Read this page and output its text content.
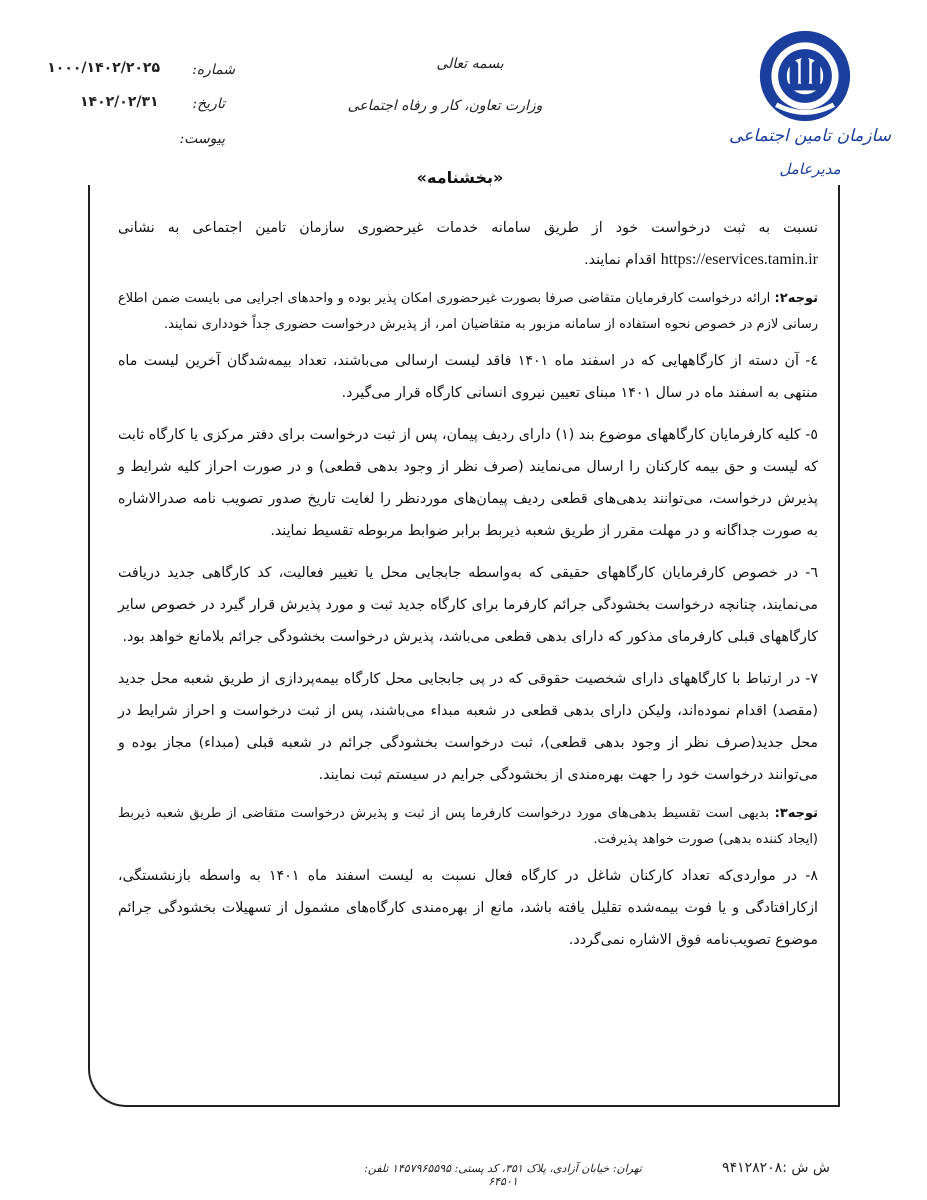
سازمان تامین اجتماعی
مدیرعامل
بسمه تعالی
وزارت تعاون، کار و رفاه اجتماعی
«بخشنامه»
شماره:
۱۰۰۰/۱۴۰۲/۲۰۲۵
تاریخ:
۱۴۰۲/۰۲/۳۱
پیوست:

نسبت به ثبت درخواست خود از طریق سامانه خدمات غیرحضوری سازمان تامین اجتماعی به نشانی https://eservices.tamin.ir اقدام نمایند.

توجه۲: ارائه درخواست کارفرمایان متقاضی صرفا بصورت غیرحضوری امکان پذیر بوده و واحدهای اجرایی می بایست ضمن اطلاع رسانی لازم در خصوص نحوه استفاده از سامانه مزبور به متقاضیان امر، از پذیرش درخواست حضوری جداً خودداری نمایند.

٤- آن دسته از کارگاههایی که در اسفند ماه ۱۴۰۱ فاقد لیست ارسالی می‌باشند، تعداد بیمه‌شدگان آخرین لیست ماه منتهی به اسفند ماه در سال ۱۴۰۱ مبنای تعیین نیروی انسانی کارگاه قرار می‌گیرد.

٥- کلیه کارفرمایان کارگاههای موضوع بند (۱) دارای ردیف پیمان، پس از ثبت درخواست برای دفتر مرکزی یا کارگاه ثابت که لیست و حق بیمه کارکنان را ارسال می‌نمایند (صرف نظر از وجود بدهی قطعی) و در صورت احراز کلیه شرایط و پذیرش درخواست، می‌توانند بدهی‌های قطعی ردیف پیمان‌های موردنظر را لغایت تاریخ صدور تصویب نامه صدرالاشاره به صورت جداگانه و در مهلت مقرر از طریق شعبه ذیربط برابر ضوابط مربوطه تقسیط نمایند.

٦- در خصوص کارفرمایان کارگاههای حقیقی که به‌واسطه جابجایی محل یا تغییر فعالیت، کد کارگاهی جدید دریافت می‌نمایند، چنانچه درخواست بخشودگی جرائم کارفرما برای کارگاه جدید ثبت و مورد پذیرش قرار گیرد در خصوص سایر کارگاههای قبلی کارفرمای مذکور که دارای بدهی قطعی می‌باشد، پذیرش درخواست بخشودگی جرائم بلامانع خواهد بود.

٧- در ارتباط با کارگاههای دارای شخصیت حقوقی که در پی جابجایی محل کارگاه بیمه‌پردازی از طریق شعبه محل جدید (مقصد) اقدام نموده‌اند، ولیکن دارای بدهی قطعی در شعبه مبداء می‌باشند، پس از ثبت درخواست و احراز شرایط در محل جدید(صرف نظر از وجود بدهی قطعی)، ثبت درخواست بخشودگی جرائم در شعبه قبلی (مبداء) مجاز بوده و می‌توانند درخواست خود را جهت بهره‌مندی از بخشودگی جرایم در سیستم ثبت نمایند.

توجه۳: بدیهی است تقسیط بدهی‌های مورد درخواست کارفرما پس از ثبت و پذیرش درخواست متقاضی از طریق شعبه ذیربط (ایجاد کننده بدهی) صورت خواهد پذیرفت.

٨- در مواردی‌که تعداد کارکنان شاغل در کارگاه فعال نسبت به لیست اسفند ماه ۱۴۰۱ به واسطه بازنشستگی، ازکارافتادگی و یا فوت بیمه‌شده تقلیل یافته باشد، مانع از بهره‌مندی کارگاه‌های مشمول از تسهیلات بخشودگی جرائم موضوع تصویب‌نامه فوق الاشاره نمی‌گردد.

تهران: خیابان آزادی، پلاک ۳۵۱، کد پستی: ۱۴۵۷۹۶۵۵۹۵ تلفن: ۶۴۵۰۱
ش ش :۹۴۱۲۸۲۰۸
